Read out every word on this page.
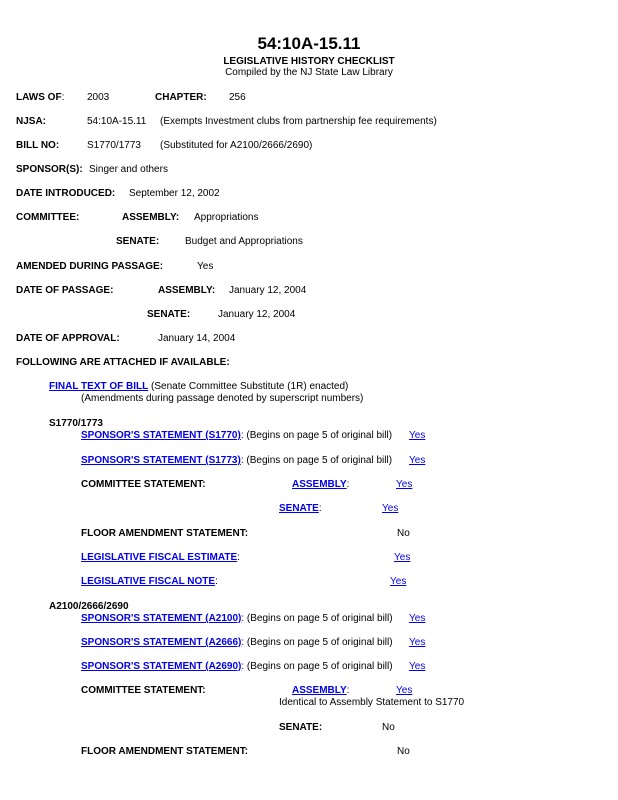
54:10A-15.11
LEGISLATIVE HISTORY CHECKLIST
Compiled by the NJ State Law Library
LAWS OF: 2003	CHAPTER: 256
NJSA:	54:10A-15.11 (Exempts Investment clubs from partnership fee requirements)
BILL NO:	S1770/1773 (Substituted for A2100/2666/2690)
SPONSOR(S): Singer and others
DATE INTRODUCED: September 12, 2002
COMMITTEE:	ASSEMBLY: Appropriations
SENATE:	Budget and Appropriations
AMENDED DURING PASSAGE:	Yes
DATE OF PASSAGE:	ASSEMBLY: January 12, 2004
SENATE:	January 12, 2004
DATE OF APPROVAL:	January 14, 2004
FOLLOWING ARE ATTACHED IF AVAILABLE:
FINAL TEXT OF BILL (Senate Committee Substitute (1R) enacted)
(Amendments during passage denoted by superscript numbers)
S1770/1773
SPONSOR'S STATEMENT (S1770): (Begins on page 5 of original bill) Yes
SPONSOR'S STATEMENT (S1773): (Begins on page 5 of original bill) Yes
COMMITTEE STATEMENT:	ASSEMBLY:	Yes
SENATE:	Yes
FLOOR AMENDMENT STATEMENT:	No
LEGISLATIVE FISCAL ESTIMATE:	Yes
LEGISLATIVE FISCAL NOTE:	Yes
A2100/2666/2690
SPONSOR'S STATEMENT (A2100): (Begins on page 5 of original bill) Yes
SPONSOR'S STATEMENT (A2666): (Begins on page 5 of original bill) Yes
SPONSOR'S STATEMENT (A2690): (Begins on page 5 of original bill) Yes
COMMITTEE STATEMENT:	ASSEMBLY:	Yes
Identical to Assembly Statement to S1770
SENATE:	No
FLOOR AMENDMENT STATEMENT:	No
